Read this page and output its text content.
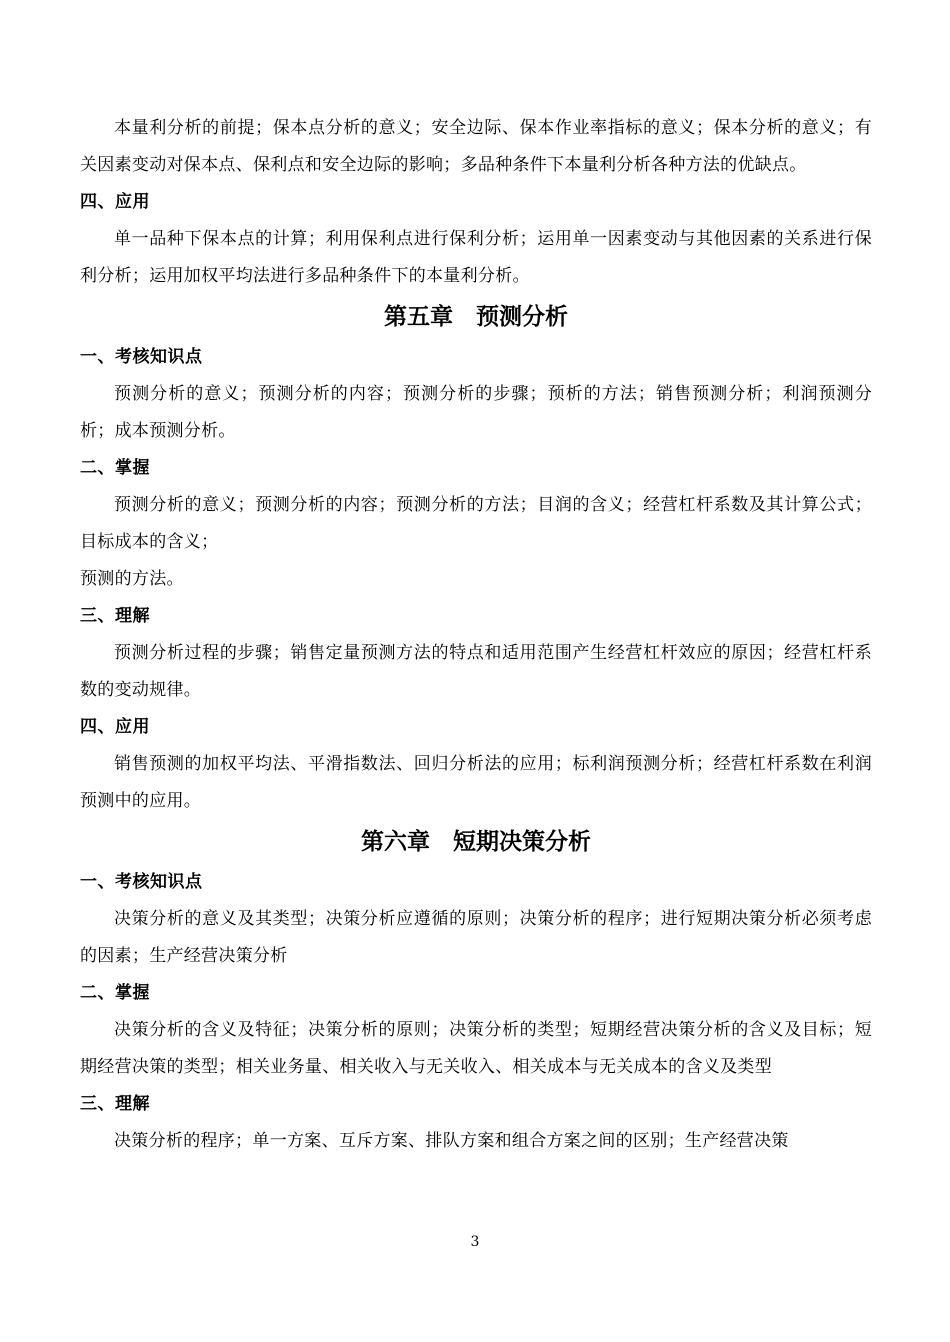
本量利分析的前提；保本点分析的意义；安全边际、保本作业率指标的意义；保本分析的意义；有关因素变动对保本点、保利点和安全边际的影响；多品种条件下本量利分析各种方法的优缺点。

四、应用

单一品种下保本点的计算；利用保利点进行保利分析；运用单一因素变动与其他因素的关系进行保利分析；运用加权平均法进行多品种条件下的本量利分析。

第五章　预测分析
一、考核知识点

预测分析的意义；预测分析的内容；预测分析的步骤；预析的方法；销售预测分析；利润预测分析；成本预测分析。

二、掌握

预测分析的意义；预测分析的内容；预测分析的方法；目润的含义；经营杠杆系数及其计算公式；目标成本的含义；

预测的方法。

三、理解

预测分析过程的步骤；销售定量预测方法的特点和适用范围产生经营杠杆效应的原因；经营杠杆系数的变动规律。

四、应用

销售预测的加权平均法、平滑指数法、回归分析法的应用；标利润预测分析；经营杠杆系数在利润预测中的应用。

第六章　短期决策分析
一、考核知识点

决策分析的意义及其类型；决策分析应遵循的原则；决策分析的程序；进行短期决策分析必须考虑的因素；生产经营决策分析

二、掌握

决策分析的含义及特征；决策分析的原则；决策分析的类型；短期经营决策分析的含义及目标；短期经营决策的类型；相关业务量、相关收入与无关收入、相关成本与无关成本的含义及类型

三、理解

决策分析的程序；单一方案、互斥方案、排队方案和组合方案之间的区别；生产经营决策

3
